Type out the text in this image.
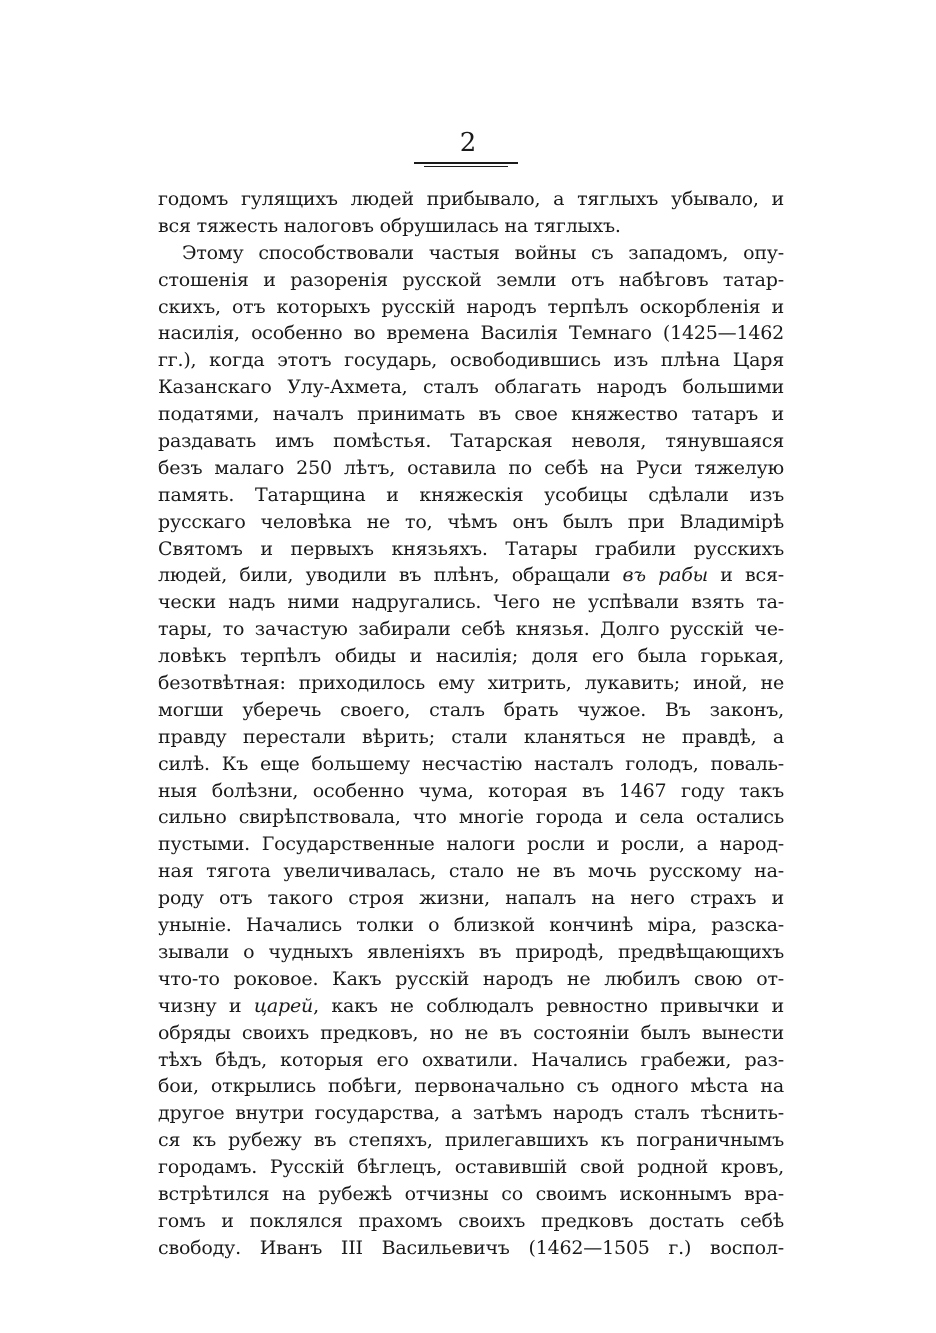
2
годомъ гулящихъ людей прибывало, а тяглыхъ убывало, и
вся тяжесть налоговъ обрушилась на тяглыхъ.
Этому способствовали частыя войны съ западомъ, опу-
стошенія и разоренія русской земли отъ набѣговъ татар-
скихъ, отъ которыхъ русскій народъ терпѣлъ оскорбленія и
насилія, особенно во времена Василія Темнаго (1425—1462
гг.), когда этотъ государь, освободившись изъ плѣна Царя
Казанскаго Улу-Ахмета, сталъ облагать народъ большими
податями, началъ принимать въ свое княжество татаръ и
раздавать имъ помѣстья. Татарская неволя, тянувшаяся
безъ малаго 250 лѣтъ, оставила по себѣ на Руси тяжелую
память. Татарщина и княжескія усобицы сдѣлали изъ
русскаго человѣка не то, чѣмъ онъ былъ при Владимірѣ
Святомъ и первыхъ князьяхъ. Татары грабили русскихъ
людей, били, уводили въ плѣнъ, обращали въ рабы и вся-
чески надъ ними надругались. Чего не успѣвали взять та-
тары, то зачастую забирали себѣ князья. Долго русскій че-
ловѣкъ терпѣлъ обиды и насилія; доля его была горькая,
безотвѣтная: приходилось ему хитрить, лукавить; иной, не
могши уберечь своего, сталъ брать чужое. Въ законъ,
правду перестали вѣрить; стали кланяться не правдѣ, а
силѣ. Къ еще большему несчастію насталъ голодъ, поваль-
ныя болѣзни, особенно чума, которая въ 1467 году такъ
сильно свирѣпствовала, что многіе города и села остались
пустыми. Государственные налоги росли и росли, а народ-
ная тягота увеличивалась, стало не въ мочь русскому на-
роду отъ такого строя жизни, напалъ на него страхъ и
уныніе. Начались толки о близкой кончинѣ міра, разска-
зывали о чудныхъ явленіяхъ въ природѣ, предвѣщающихъ
что-то роковое. Какъ русскій народъ не любилъ свою от-
чизну и царей, какъ не соблюдалъ ревностно привычки и
обряды своихъ предковъ, но не въ состояніи былъ вынести
тѣхъ бѣдъ, которыя его охватили. Начались грабежи, раз-
бои, открылись побѣги, первоначально съ одного мѣста на
другое внутри государства, а затѣмъ народъ сталъ тѣснить-
ся къ рубежу въ степяхъ, прилегавшихъ къ пограничнымъ
городамъ. Русскій бѣглецъ, оставившій свой родной кровъ,
встрѣтился на рубежѣ отчизны со своимъ исконнымъ вра-
гомъ и поклялся прахомъ своихъ предковъ достать себѣ
свободу. Иванъ III Васильевичъ (1462—1505 г.) воспол-
